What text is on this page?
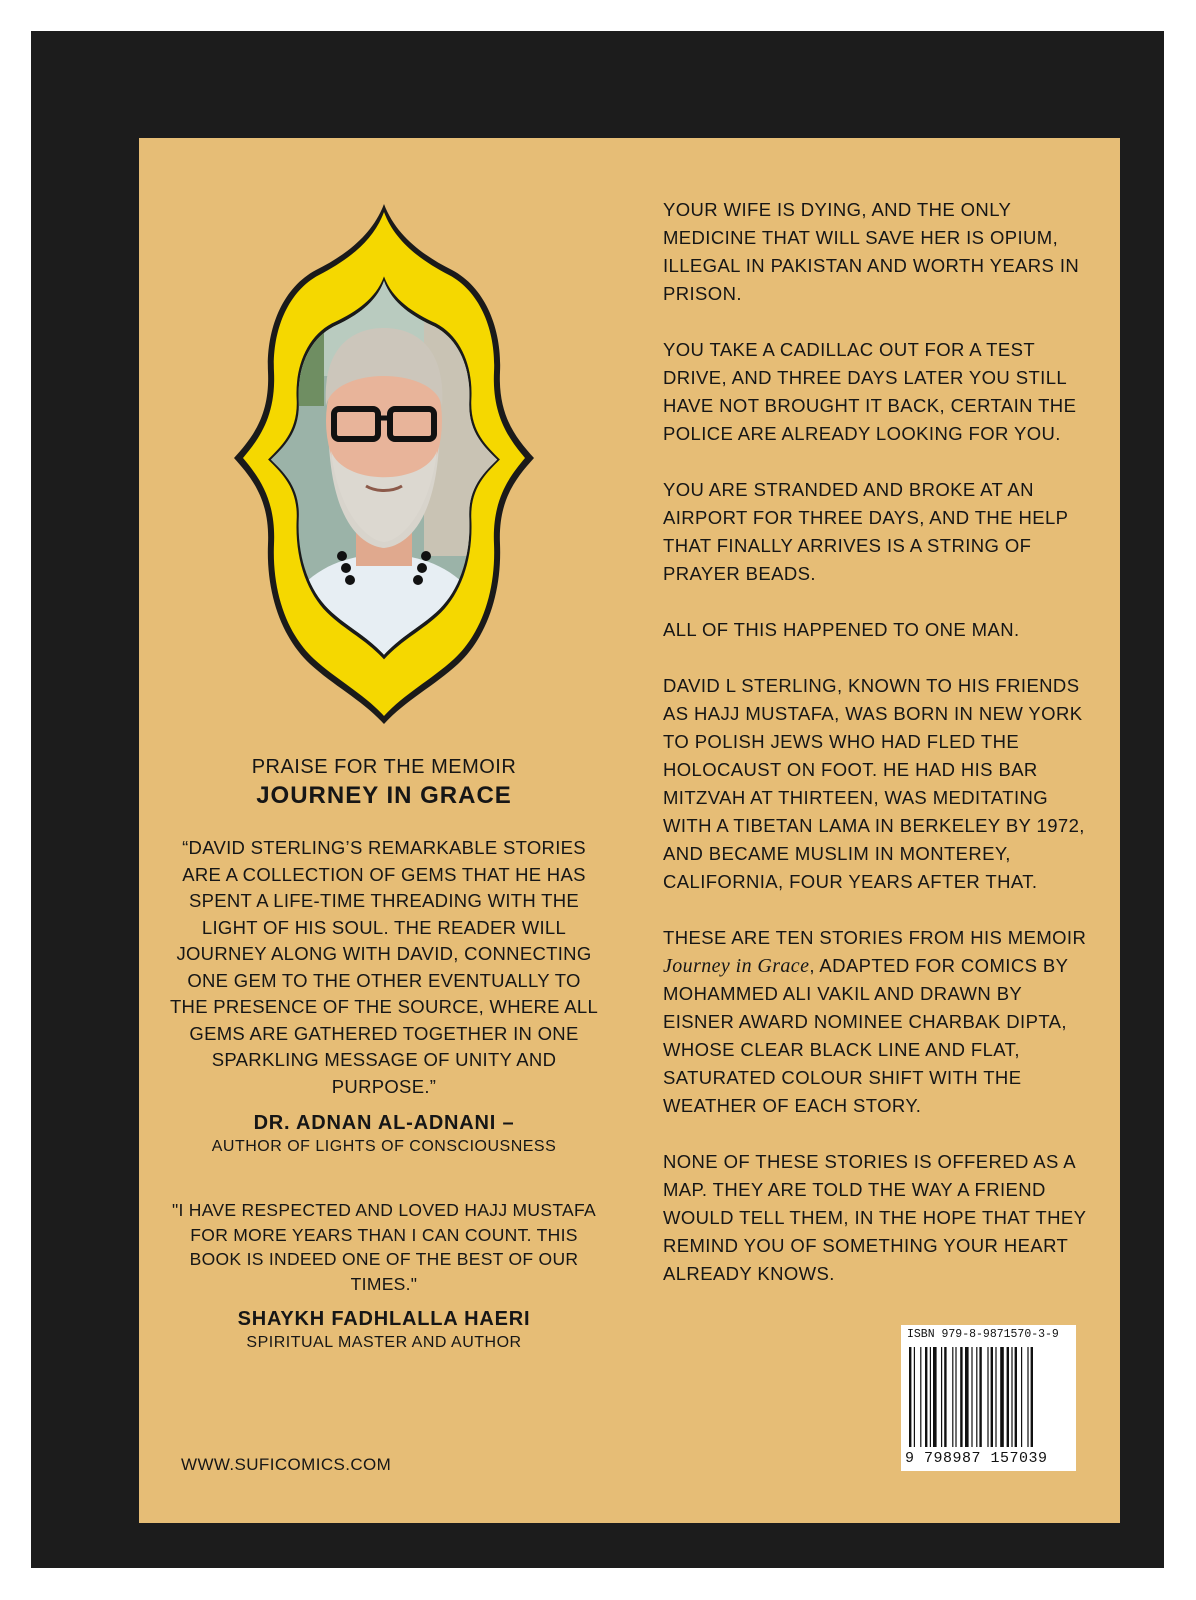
PRAISE FOR THE MEMOIR
JOURNEY IN GRACE
“DAVID STERLING’S REMARKABLE STORIES ARE A COLLECTION OF GEMS THAT HE HAS SPENT A LIFE-TIME THREADING WITH THE LIGHT OF HIS SOUL. THE READER WILL JOURNEY ALONG WITH DAVID, CONNECTING ONE GEM TO THE OTHER EVENTUALLY TO THE PRESENCE OF THE SOURCE, WHERE ALL GEMS ARE GATHERED TOGETHER IN ONE SPARKLING MESSAGE OF UNITY AND PURPOSE.”
DR. ADNAN AL-ADNANI –
AUTHOR OF LIGHTS OF CONSCIOUSNESS
"I HAVE RESPECTED AND LOVED HAJJ MUSTAFA FOR MORE YEARS THAN I CAN COUNT. THIS BOOK IS INDEED ONE OF THE BEST OF OUR TIMES."
SHAYKH FADHLALLA HAERI
SPIRITUAL MASTER AND AUTHOR
WWW.SUFICOMICS.COM

YOUR WIFE IS DYING, AND THE ONLY MEDICINE THAT WILL SAVE HER IS OPIUM, ILLEGAL IN PAKISTAN AND WORTH YEARS IN PRISON.

YOU TAKE A CADILLAC OUT FOR A TEST DRIVE, AND THREE DAYS LATER YOU STILL HAVE NOT BROUGHT IT BACK, CERTAIN THE POLICE ARE ALREADY LOOKING FOR YOU.

YOU ARE STRANDED AND BROKE AT AN AIRPORT FOR THREE DAYS, AND THE HELP THAT FINALLY ARRIVES IS A STRING OF PRAYER BEADS.

ALL OF THIS HAPPENED TO ONE MAN.

DAVID L STERLING, KNOWN TO HIS FRIENDS AS HAJJ MUSTAFA, WAS BORN IN NEW YORK TO POLISH JEWS WHO HAD FLED THE HOLOCAUST ON FOOT. HE HAD HIS BAR MITZVAH AT THIRTEEN, WAS MEDITATING WITH A TIBETAN LAMA IN BERKELEY BY 1972, AND BECAME MUSLIM IN MONTEREY, CALIFORNIA, FOUR YEARS AFTER THAT.

THESE ARE TEN STORIES FROM HIS MEMOIR Journey in Grace, ADAPTED FOR COMICS BY MOHAMMED ALI VAKIL AND DRAWN BY EISNER AWARD NOMINEE CHARBAK DIPTA, WHOSE CLEAR BLACK LINE AND FLAT, SATURATED COLOUR SHIFT WITH THE WEATHER OF EACH STORY.

NONE OF THESE STORIES IS OFFERED AS A MAP. THEY ARE TOLD THE WAY A FRIEND WOULD TELL THEM, IN THE HOPE THAT THEY REMIND YOU OF SOMETHING YOUR HEART ALREADY KNOWS.

ISBN 979-8-9871570-3-9
9 798987 157039
